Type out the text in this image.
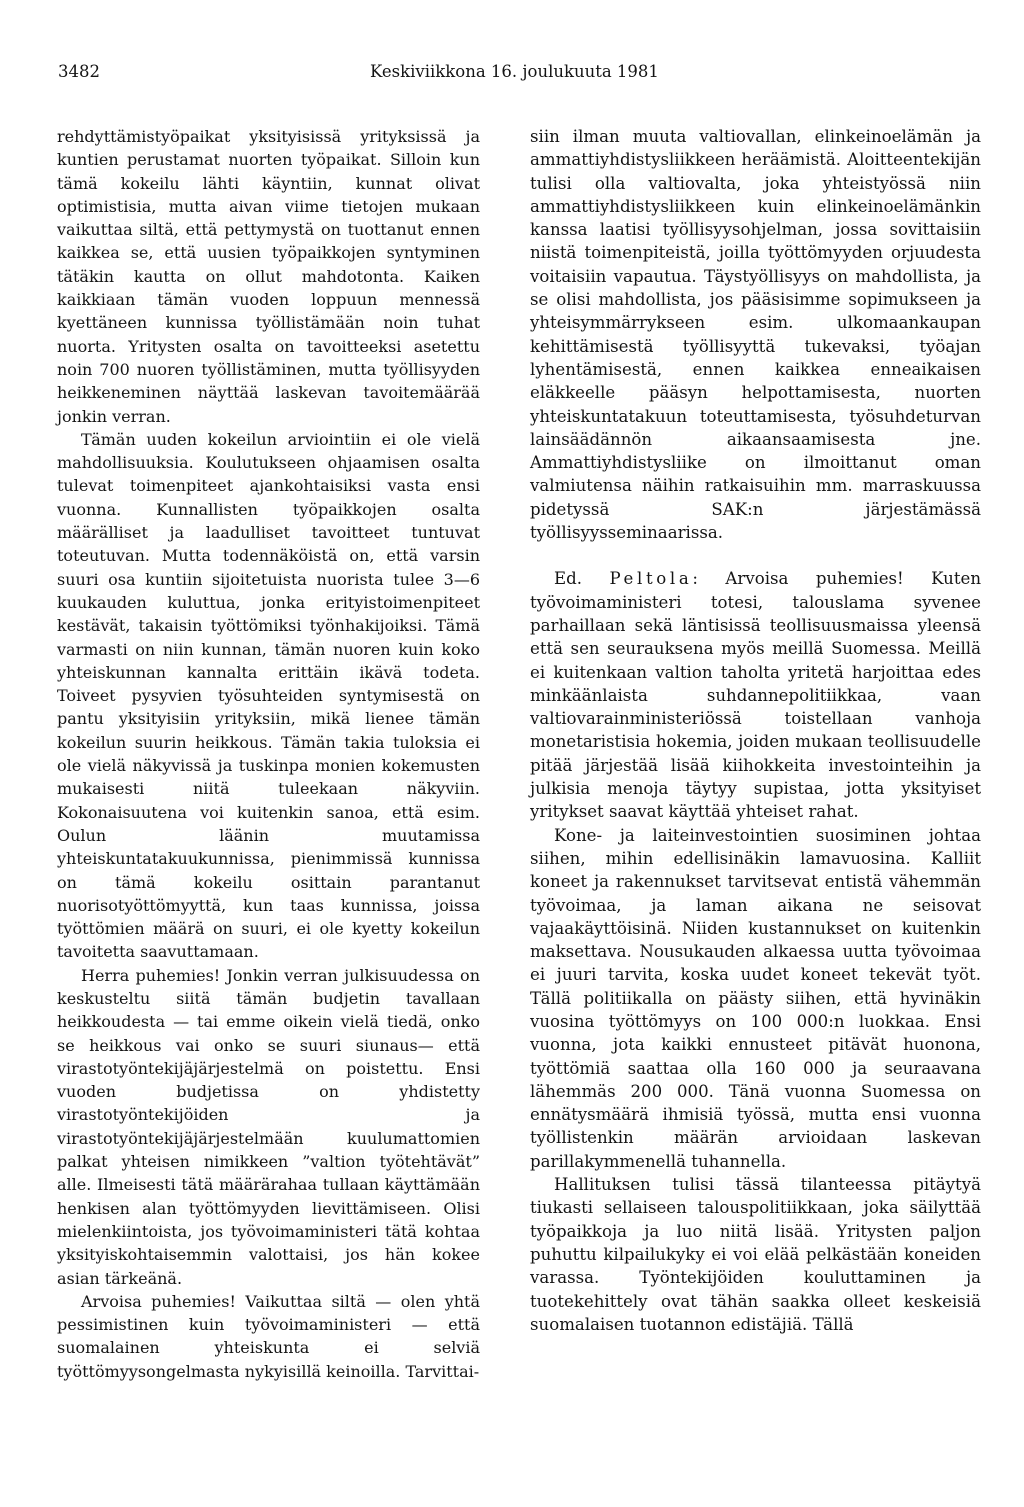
3482	Keskiviikkona 16. joulukuuta 1981

rehdyttämistyöpaikat yksityisissä yrityksissä ja kuntien perustamat nuorten työpaikat. Silloin kun tämä kokeilu lähti käyntiin, kunnat olivat optimistisia, mutta aivan viime tietojen mukaan vaikuttaa siltä, että pettymystä on tuottanut ennen kaikkea se, että uusien työpaikkojen syntyminen tätäkin kautta on ollut mahdotonta. Kaiken kaikkiaan tämän vuoden loppuun mennessä kyettäneen kunnissa työllistämään noin tuhat nuorta. Yritysten osalta on tavoitteeksi asetettu noin 700 nuoren työllistäminen, mutta työllisyyden heikkeneminen näyttää laskevan tavoitemäärää jonkin verran.

Tämän uuden kokeilun arviointiin ei ole vielä mahdollisuuksia. Koulutukseen ohjaamisen osalta tulevat toimenpiteet ajankohtaisiksi vasta ensi vuonna. Kunnallisten työpaikkojen osalta määrälliset ja laadulliset tavoitteet tuntuvat toteutuvan. Mutta todennäköistä on, että varsin suuri osa kuntiin sijoitetuista nuorista tulee 3—6 kuukauden kuluttua, jonka erityistoimenpiteet kestävät, takaisin työttömiksi työnhakijoiksi. Tämä varmasti on niin kunnan, tämän nuoren kuin koko yhteiskunnan kannalta erittäin ikävä todeta. Toiveet pysyvien työsuhteiden syntymisestä on pantu yksityisiin yrityksiin, mikä lienee tämän kokeilun suurin heikkous. Tämän takia tuloksia ei ole vielä näkyvissä ja tuskinpa monien kokemusten mukaisesti niitä tuleekaan näkyviin. Kokonaisuutena voi kuitenkin sanoa, että esim. Oulun läänin muutamissa yhteiskuntatakuukunnissa, pienimmissä kunnissa on tämä kokeilu osittain parantanut nuorisotyöttömyyttä, kun taas kunnissa, joissa työttömien määrä on suuri, ei ole kyetty kokeilun tavoitetta saavuttamaan.

Herra puhemies! Jonkin verran julkisuudessa on keskusteltu siitä tämän budjetin tavallaan heikkoudesta — tai emme oikein vielä tiedä, onko se heikkous vai onko se suuri siunaus— että virastotyöntekijäjärjestelmä on poistettu. Ensi vuoden budjetissa on yhdistetty virastotyöntekijöiden ja virastotyöntekijäjärjestelmään kuulumattomien palkat yhteisen nimikkeen ”valtion työtehtävät” alle. Ilmeisesti tätä määrärahaa tullaan käyttämään henkisen alan työttömyyden lievittämiseen. Olisi mielenkiintoista, jos työvoimaministeri tätä kohtaa yksityiskohtaisemmin valottaisi, jos hän kokee asian tärkeänä.

Arvoisa puhemies! Vaikuttaa siltä — olen yhtä pessimistinen kuin työvoimaministeri — että suomalainen yhteiskunta ei selviä työttömyysongelmasta nykyisillä keinoilla. Tarvittai-

siin ilman muuta valtiovallan, elinkeinoelämän ja ammattiyhdistysliikkeen heräämistä. Aloitteentekijän tulisi olla valtiovalta, joka yhteistyössä niin ammattiyhdistysliikkeen kuin elinkeinoelämänkin kanssa laatisi työllisyysohjelman, jossa sovittaisiin niistä toimenpiteistä, joilla työttömyyden orjuudesta voitaisiin vapautua. Täystyöllisyys on mahdollista, ja se olisi mahdollista, jos pääsisimme sopimukseen ja yhteisymmärrykseen esim. ulkomaankaupan kehittämisestä työllisyyttä tukevaksi, työajan lyhentämisestä, ennen kaikkea enneaikaisen eläkkeelle pääsyn helpottamisesta, nuorten yhteiskuntatakuun toteuttamisesta, työsuhdeturvan lainsäädännön aikaansaamisesta jne. Ammattiyhdistysliike on ilmoittanut oman valmiutensa näihin ratkaisuihin mm. marraskuussa pidetyssä SAK:n järjestämässä työllisyysseminaarissa.

Ed. Peltola: Arvoisa puhemies! Kuten työvoimaministeri totesi, talouslama syvenee parhaillaan sekä läntisissä teollisuusmaissa yleensä että sen seurauksena myös meillä Suomessa. Meillä ei kuitenkaan valtion taholta yritetä harjoittaa edes minkäänlaista suhdannepolitiikkaa, vaan valtiovarainministeriössä toistellaan vanhoja monetaristisia hokemia, joiden mukaan teollisuudelle pitää järjestää lisää kiihokkeita investointeihin ja julkisia menoja täytyy supistaa, jotta yksityiset yritykset saavat käyttää yhteiset rahat.

Kone- ja laiteinvestointien suosiminen johtaa siihen, mihin edellisinäkin lamavuosina. Kalliit koneet ja rakennukset tarvitsevat entistä vähemmän työvoimaa, ja laman aikana ne seisovat vajaakäyttöisinä. Niiden kustannukset on kuitenkin maksettava. Nousukauden alkaessa uutta työvoimaa ei juuri tarvita, koska uudet koneet tekevät työt. Tällä politiikalla on päästy siihen, että hyvinäkin vuosina työttömyys on 100 000:n luokkaa. Ensi vuonna, jota kaikki ennusteet pitävät huonona, työttömiä saattaa olla 160 000 ja seuraavana lähemmäs 200 000. Tänä vuonna Suomessa on ennätysmäärä ihmisiä työssä, mutta ensi vuonna työllistenkin määrän arvioidaan laskevan parillakymmenellä tuhannella.

Hallituksen tulisi tässä tilanteessa pitäytyä tiukasti sellaiseen talouspolitiikkaan, joka säilyttää työpaikkoja ja luo niitä lisää. Yritysten paljon puhuttu kilpailukyky ei voi elää pelkästään koneiden varassa. Työntekijöiden kouluttaminen ja tuotekehittely ovat tähän saakka olleet keskeisiä suomalaisen tuotannon edistäjiä. Tällä
